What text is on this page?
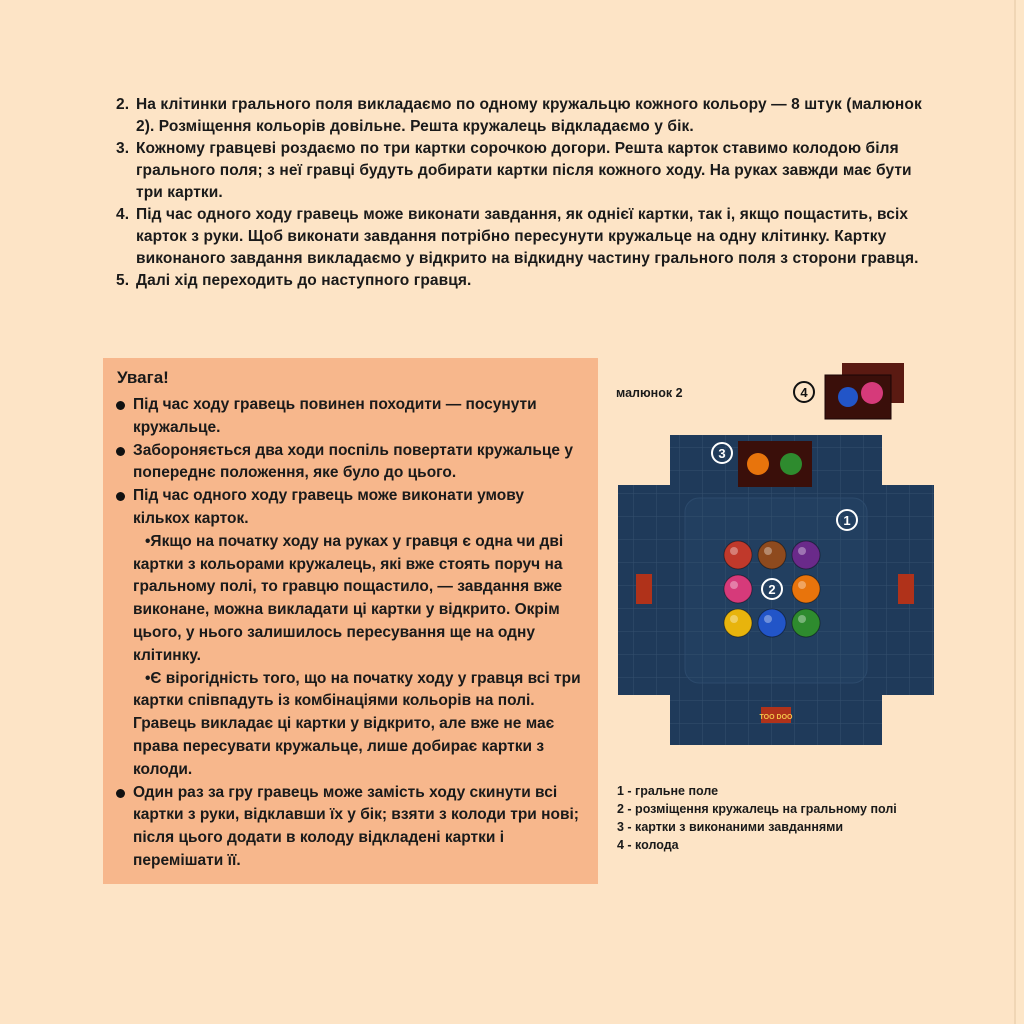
2. На клітинки грального поля викладаємо по одному кружальцю кожного кольору — 8 штук (малюнок 2). Розміщення кольорів довільне. Решта кружалець відкладаємо у бік.
3. Кожному гравцеві роздаємо по три картки сорочкою догори. Решта карток ставимо колодою біля грального поля; з неї гравці будуть добирати картки після кожного ходу. На руках завжди має бути три картки.
4. Під час одного ходу гравець може виконати завдання, як однієї картки, так і, якщо пощастить, всіх карток з руки. Щоб виконати завдання потрібно пересунути кружальце на одну клітинку. Картку виконаного завдання викладаємо у відкрито на відкидну частину грального поля з сторони гравця.
5. Далі хід переходить до наступного гравця.
Увага!
Під час ходу гравець повинен походити — посунути кружальце.
Забороняється два ходи поспіль повертати кружальце у попереднє положення, яке було до цього.
Під час одного ходу гравець може виконати умову кількох карток.
•Якщо на початку ходу на руках у гравця є одна чи дві картки з кольорами кружалець, які вже стоять поруч на гральному полі, то гравцю пощастило, — завдання вже виконане, можна викладати ці картки у відкрито. Окрім цього, у нього залишилось пересування ще на одну клітинку.
•Є вірогідність того, що на початку ходу у гравця всі три картки співпадуть із комбінаціями кольорів на полі. Гравець викладає ці картки у відкрито, але вже не має права пересувати кружальце, лише добирає картки з колоди.
Один раз за гру гравець може замість ходу скинути всі картки з руки, відклавши їх у бік; взяти з колоди три нові; після цього додати в колоду відкладені картки і перемішати її.
малюнок 2	4
3
1
2
TOO DOO
1 - гральне поле
2 - розміщення кружалець на гральному полі
3 - картки з виконаними завданнями
4 - колода
